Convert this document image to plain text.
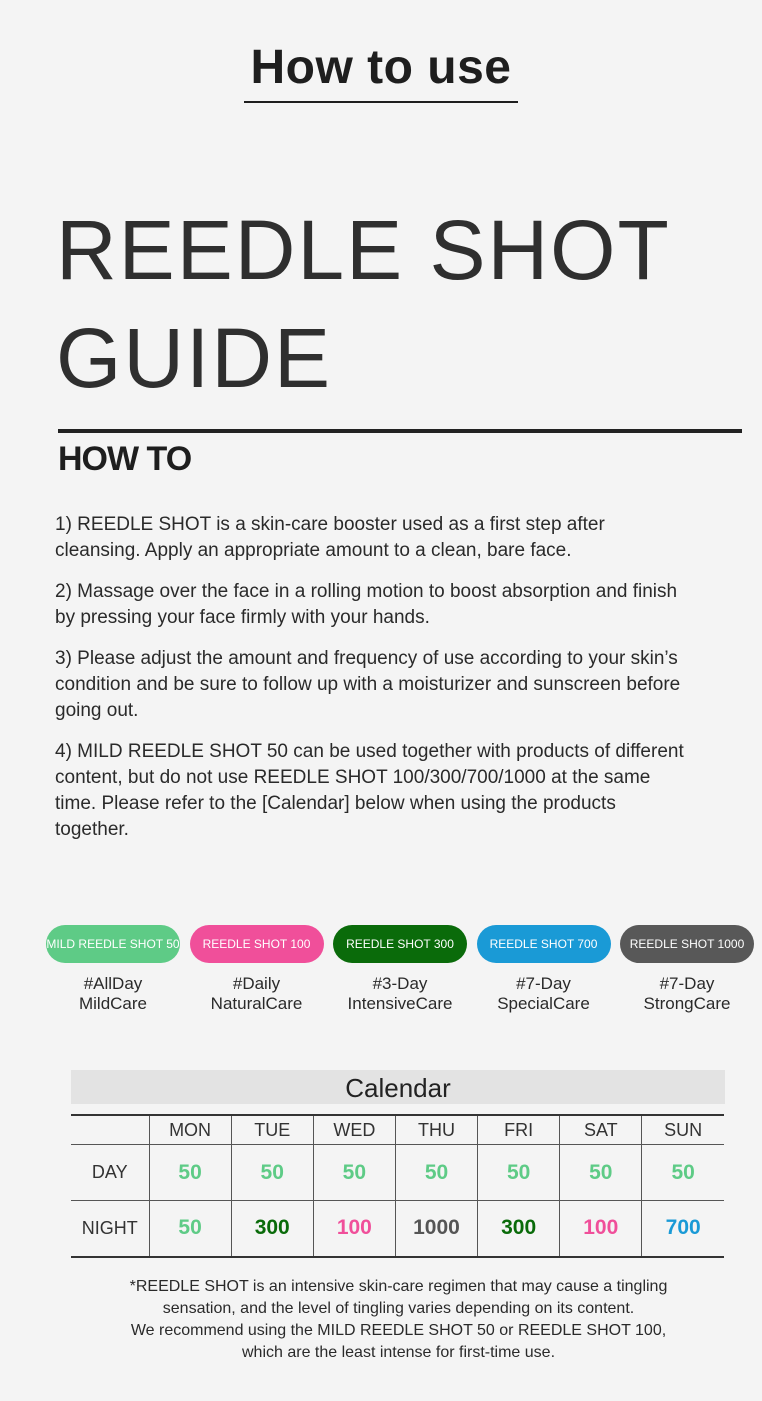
How to use
REEDLE SHOT
GUIDE
HOW TO

1) REEDLE SHOT is a skin-care booster used as a first step after cleansing. Apply an appropriate amount to a clean, bare face.

2) Massage over the face in a rolling motion to boost absorption and finish by pressing your face firmly with your hands.

3) Please adjust the amount and frequency of use according to your skin’s condition and be sure to follow up with a moisturizer and sunscreen before going out.

4) MILD REEDLE SHOT 50 can be used together with products of different content, but do not use REEDLE SHOT 100/300/700/1000 at the same time. Please refer to the [Calendar] below when using the products together.

MILD REEDLE SHOT 50
#AllDay
MildCare
REEDLE SHOT 100
#Daily
NaturalCare
REEDLE SHOT 300
#3-Day
IntensiveCare
REEDLE SHOT 700
#7-Day
SpecialCare
REEDLE SHOT 1000
#7-Day
StrongCare
Calendar
	MON	TUE	WED	THU	FRI	SAT	SUN
DAY	50	50	50	50	50	50	50
NIGHT	50	300	100	1000	300	100	700
*REEDLE SHOT is an intensive skin-care regimen that may cause a tingling
sensation, and the level of tingling varies depending on its content.
We recommend using the MILD REEDLE SHOT 50 or REEDLE SHOT 100,
which are the least intense for first-time use.
